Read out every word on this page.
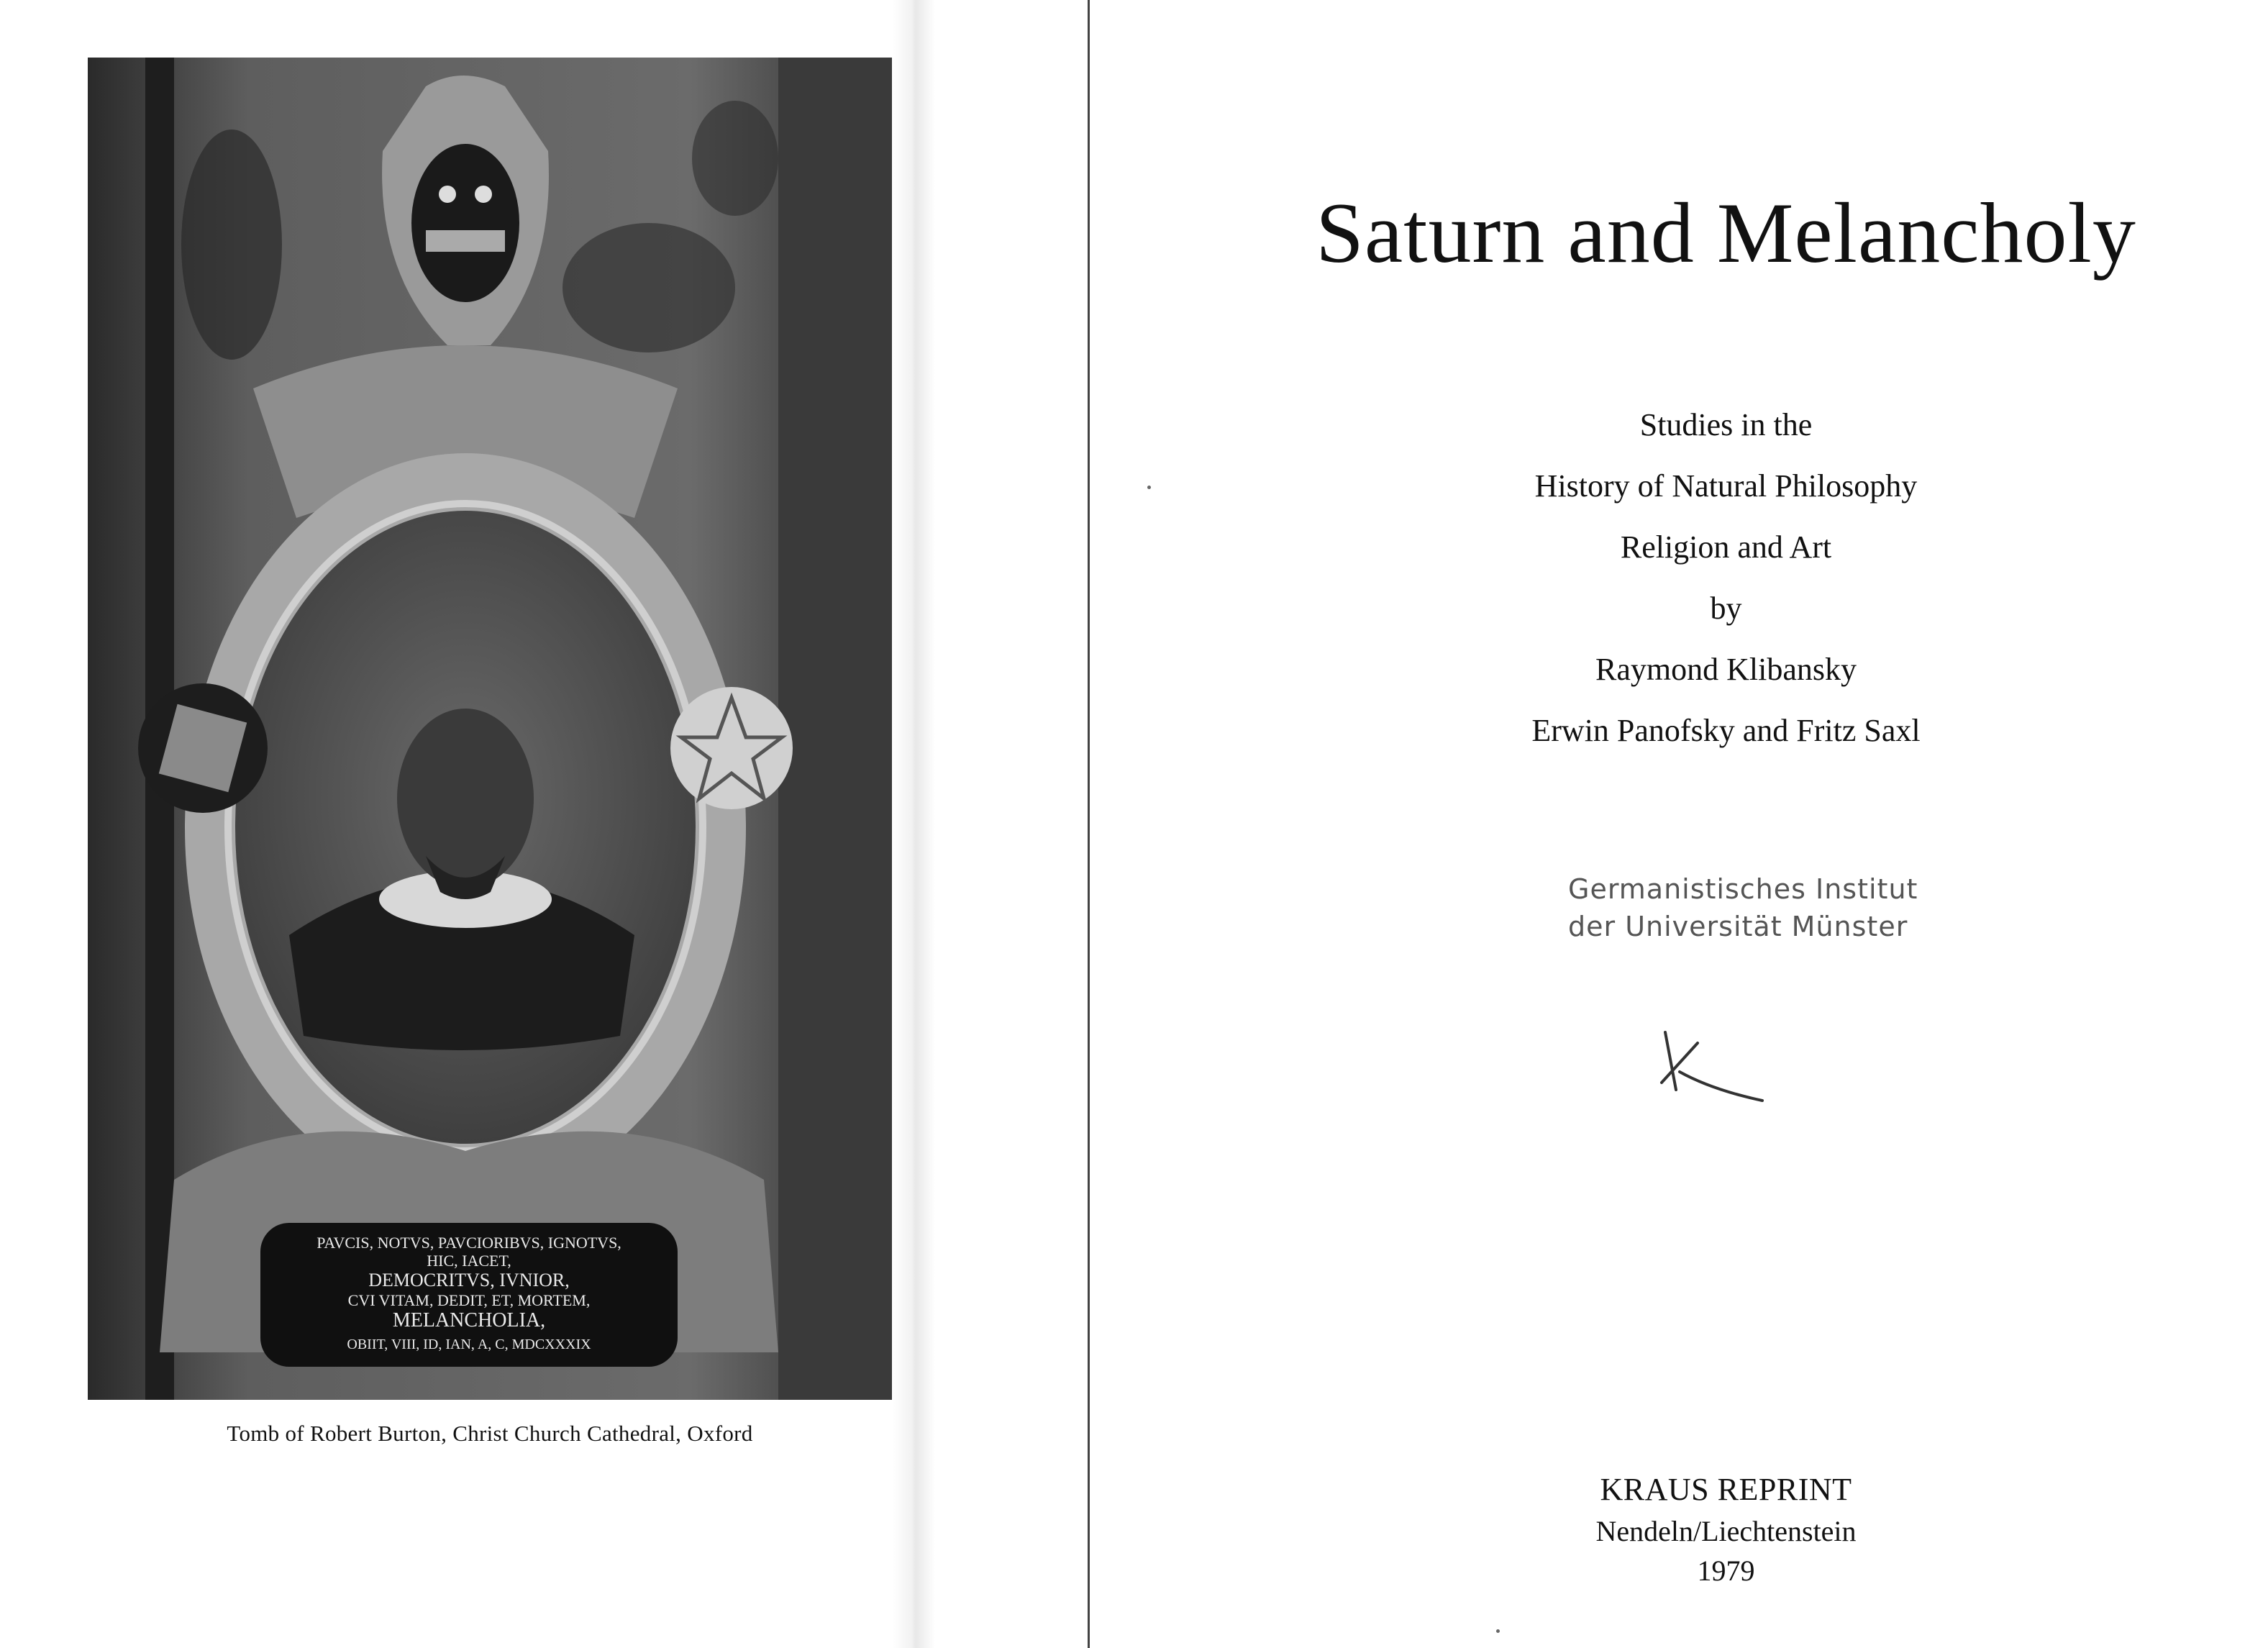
PAVCIS, NOTVS, PAVCIORIBVS, IGNOTVS,
HIC, IACET,
DEMOCRITVS, IVNIOR,
CVI VITAM, DEDIT, ET, MORTEM,
MELANCHOLIA,
OBIIT, VIII, ID, IAN, A, C, MDCXXXIX
Tomb of Robert Burton, Christ Church Cathedral, Oxford
Saturn and Melancholy
Studies in the
History of Natural Philosophy
Religion and Art
by
Raymond Klibansky
Erwin Panofsky and Fritz Saxl
Germanistisches Institut
der Universität Münster
KRAUS REPRINT
Nendeln/Liechtenstein
1979
